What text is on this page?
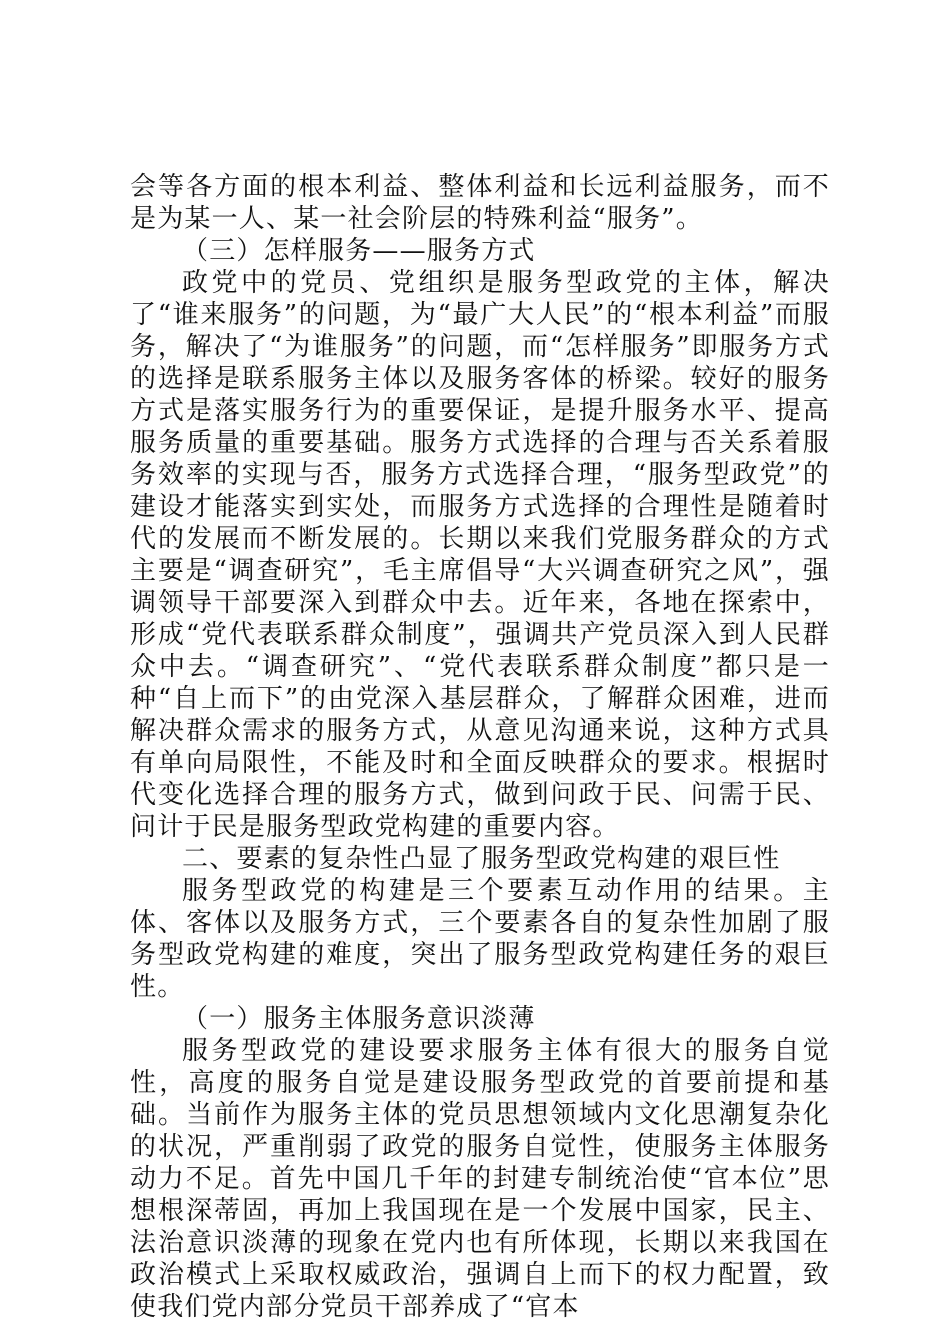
会等各方面的根本利益、整体利益和长远利益服务，而不是为某一人、某一社会阶层的特殊利益“服务”。

（三）怎样服务——服务方式

政党中的党员、党组织是服务型政党的主体，解决了“谁来服务”的问题，为“最广大人民”的“根本利益”而服务，解决了“为谁服务”的问题，而“怎样服务”即服务方式的选择是联系服务主体以及服务客体的桥梁。较好的服务方式是落实服务行为的重要保证，是提升服务水平、提高服务质量的重要基础。服务方式选择的合理与否关系着服务效率的实现与否，服务方式选择合理，“服务型政党”的建设才能落实到实处，而服务方式选择的合理性是随着时代的发展而不断发展的。长期以来我们党服务群众的方式主要是“调查研究”，毛主席倡导“大兴调查研究之风”，强调领导干部要深入到群众中去。近年来，各地在探索中，形成“党代表联系群众制度”，强调共产党员深入到人民群众中去。“调查研究”、“党代表联系群众制度”都只是一种“自上而下”的由党深入基层群众，了解群众困难，进而解决群众需求的服务方式，从意见沟通来说，这种方式具有单向局限性，不能及时和全面反映群众的要求。根据时代变化选择合理的服务方式，做到问政于民、问需于民、问计于民是服务型政党构建的重要内容。

二、要素的复杂性凸显了服务型政党构建的艰巨性

服务型政党的构建是三个要素互动作用的结果。主体、客体以及服务方式，三个要素各自的复杂性加剧了服务型政党构建的难度，突出了服务型政党构建任务的艰巨性。

（一）服务主体服务意识淡薄

服务型政党的建设要求服务主体有很大的服务自觉性，高度的服务自觉是建设服务型政党的首要前提和基础。当前作为服务主体的党员思想领域内文化思潮复杂化的状况，严重削弱了政党的服务自觉性，使服务主体服务动力不足。首先中国几千年的封建专制统治使“官本位”思想根深蒂固，再加上我国现在是一个发展中国家，民主、法治意识淡薄的现象在党内也有所体现，长期以来我国在政治模式上采取权威政治，强调自上而下的权力配置，致使我们党内部分党员干部养成了“官本
